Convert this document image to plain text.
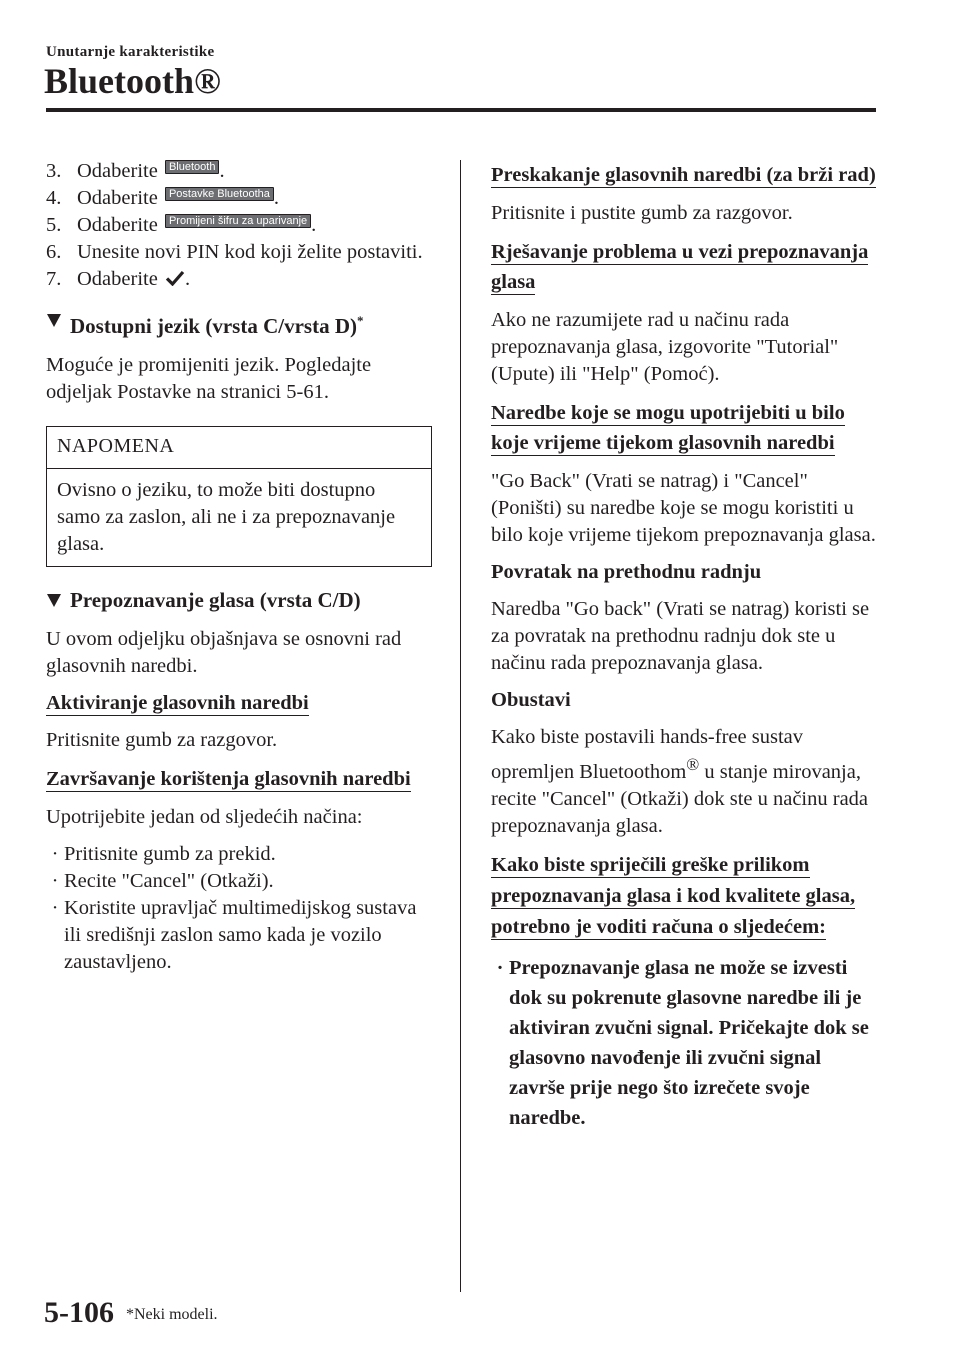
Unutarnje karakteristike
Bluetooth®
3. Odaberite Bluetooth .
4. Odaberite Postavke Bluetootha .
5. Odaberite Promijeni šifru za uparivanje .
6. Unesite novi PIN kod koji želite postaviti.
7. Odaberite .
Dostupni jezik (vrsta C/vrsta D)*

Moguće je promijeniti jezik. Pogledajte odjeljak Postavke na stranici 5-61.

NAPOMENA
Ovisno o jeziku, to može biti dostupno samo za zaslon, ali ne i za prepoznavanje glasa.
Prepoznavanje glasa (vrsta C/D)

U ovom odjeljku objašnjava se osnovni rad glasovnih naredbi.

Aktiviranje glasovnih naredbi

Pritisnite gumb za razgovor.

Završavanje korištenja glasovnih naredbi

Upotrijebite jedan od sljedećih načina:

· Pritisnite gumb za prekid.
· Recite "Cancel" (Otkaži).
· Koristite upravljač multimedijskog sustava ili središnji zaslon samo kada je vozilo zaustavljeno.
Preskakanje glasovnih naredbi (za brži rad)

Pritisnite i pustite gumb za razgovor.

Rješavanje problema u vezi prepoznavanja glasa

Ako ne razumijete rad u načinu rada prepoznavanja glasa, izgovorite "Tutorial" (Upute) ili "Help" (Pomoć).

Naredbe koje se mogu upotrijebiti u bilo koje vrijeme tijekom glasovnih naredbi

"Go Back" (Vrati se natrag) i "Cancel" (Poništi) su naredbe koje se mogu koristiti u bilo koje vrijeme tijekom prepoznavanja glasa.

Povratak na prethodnu radnju

Naredba "Go back" (Vrati se natrag) koristi se za povratak na prethodnu radnju dok ste u načinu rada prepoznavanja glasa.

Obustavi

Kako biste postavili hands-free sustav opremljen Bluetoothom® u stanje mirovanja, recite "Cancel" (Otkaži) dok ste u načinu rada prepoznavanja glasa.

Kako biste spriječili greške prilikom prepoznavanja glasa i kod kvalitete glasa, potrebno je voditi računa o sljedećem:
· Prepoznavanje glasa ne može se izvesti dok su pokrenute glasovne naredbe ili je aktiviran zvučni signal. Pričekajte dok se glasovno navođenje ili zvučni signal završe prije nego što izrečete svoje naredbe.
5-106 *Neki modeli.
